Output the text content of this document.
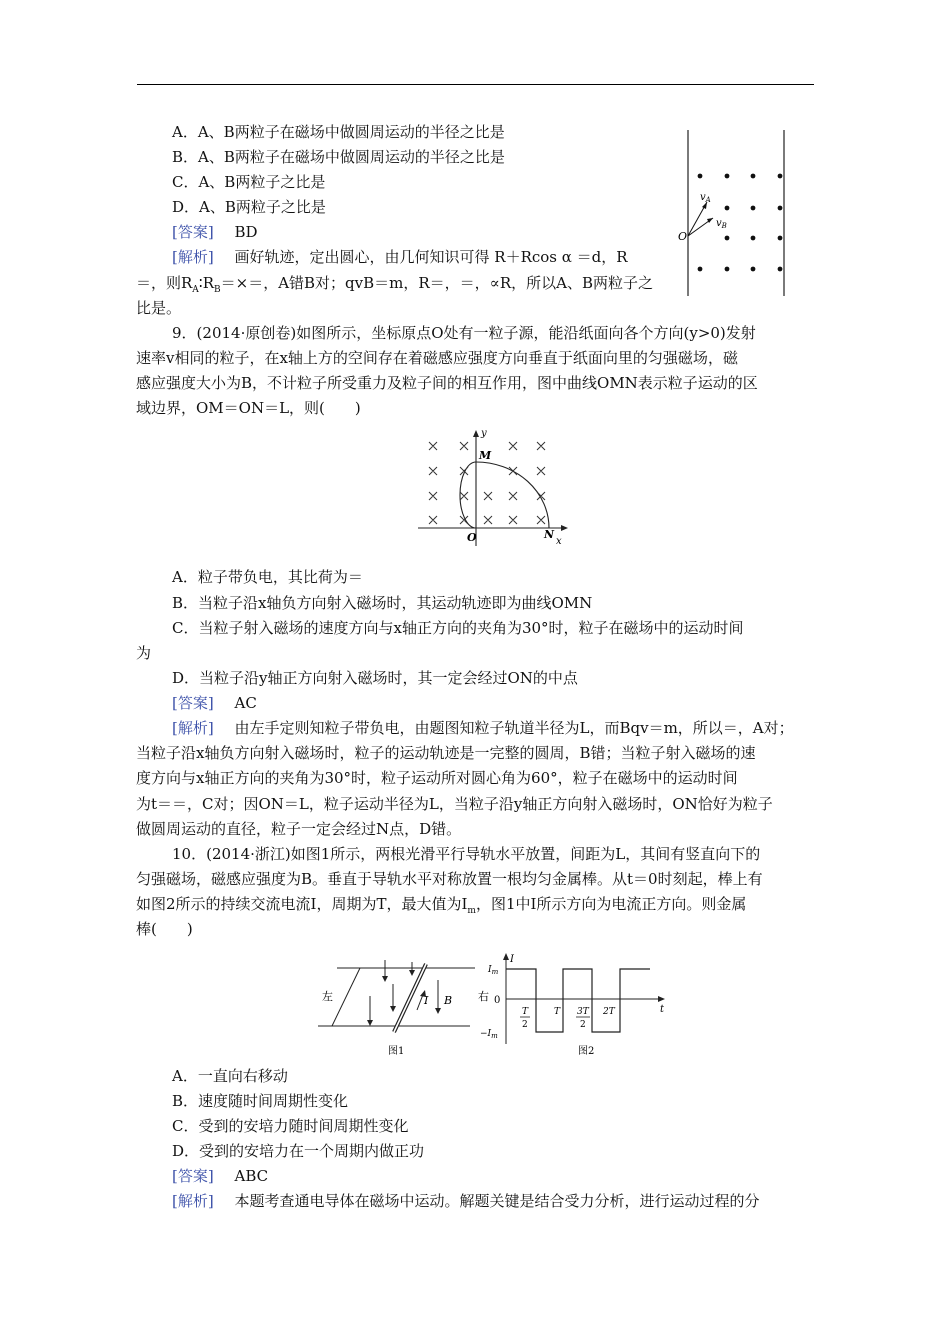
A．A、B两粒子在磁场中做圆周运动的半径之比是
B．A、B两粒子在磁场中做圆周运动的半径之比是
C．A、B两粒子之比是
D．A、B两粒子之比是
[答案] BD
[解析] 画好轨迹，定出圆心，由几何知识可得 R＋Rcos α ＝d，R
＝，则$R_A∶R_B=\times=$，A错B对；qvB＝m，R＝，＝，∝R，所以A、B两粒子之
比是。
O
$v_A$
$v_B$
9．(2014·原创卷)如图所示，坐标原点O处有一粒子源，能沿纸面向各个方向(y>0)发射
速率v相同的粒子，在x轴上方的空间存在着磁感应强度方向垂直于纸面向里的匀强磁场，磁
感应强度大小为B，不计粒子所受重力及粒子间的相互作用，图中曲线OMN表示粒子运动的区
域边界，OM＝ON＝L，则(　　)
y
M
O	N
x
A．粒子带负电，其比荷为＝
B．当粒子沿x轴负方向射入磁场时，其运动轨迹即为曲线OMN
C．当粒子射入磁场的速度方向与x轴正方向的夹角为30°时，粒子在磁场中的运动时间
为
D．当粒子沿y轴正方向射入磁场时，其一定会经过ON的中点
[答案] AC
[解析] 由左手定则知粒子带负电，由题图知粒子轨道半径为L，而Bqv＝m，所以＝，A对；
当粒子沿x轴负方向射入磁场时，粒子的运动轨迹是一完整的圆周，B错；当粒子射入磁场的速
度方向与x轴正方向的夹角为30°时，粒子运动所对圆心角为60°，粒子在磁场中的运动时间
为t＝＝，C对；因ON＝L，粒子运动半径为L，当粒子沿y轴正方向射入磁场时，ON恰好为粒子
做圆周运动的直径，粒子一定会经过N点，D错。
10．(2014·浙江)如图1所示，两根光滑平行导轨水平放置，间距为L，其间有竖直向下的
匀强磁场，磁感应强度为B。垂直于导轨水平对称放置一根均匀金属棒。从t＝0时刻起，棒上有
如图2所示的持续交流电流I，周期为T，最大值为$I_m$，图1中I所示方向为电流正方向。则金属
棒(　　)
左	右
I B
图1
I
$I_m$
0
$-I_m$
T
2
T 3T
2
2T	t
图2
A．一直向右移动
B．速度随时间周期性变化
C．受到的安培力随时间周期性变化
D．受到的安培力在一个周期内做正功
[答案] ABC
[解析] 本题考查通电导体在磁场中运动。解题关键是结合受力分析，进行运动过程的分
